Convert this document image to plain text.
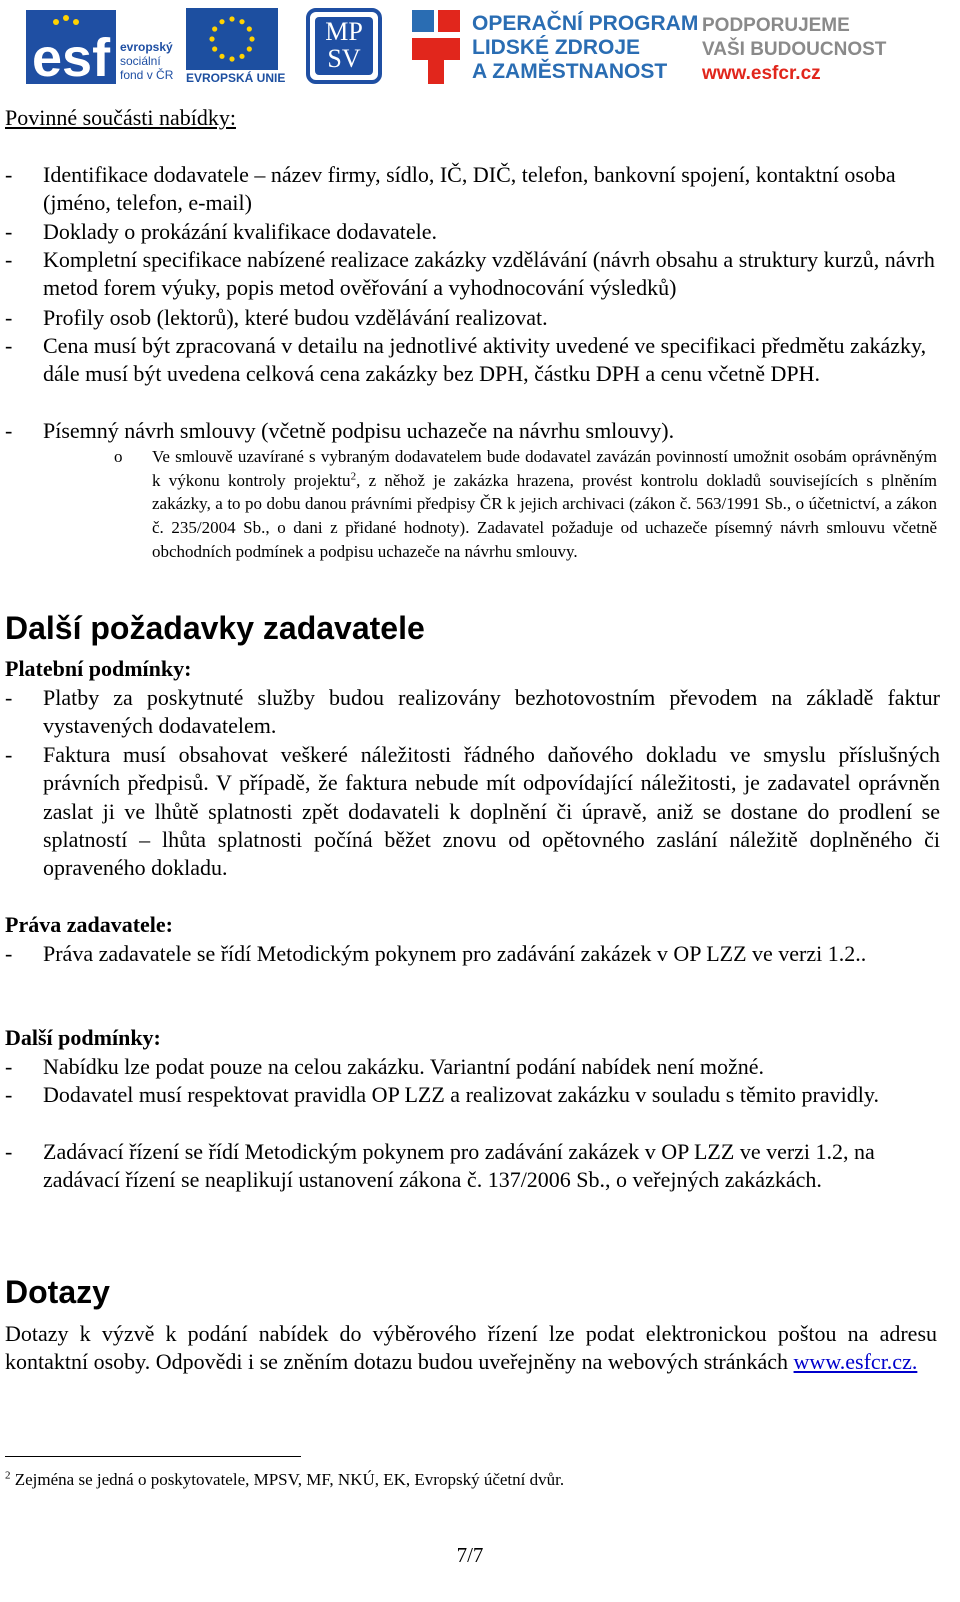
esf evropský
sociální
fond v ČR EVROPSKÁ UNIE
MP
SV
OPERAČNÍ PROGRAM
LIDSKÉ ZDROJE
A ZAMĚSTNANOST
PODPORUJEME
VAŠI BUDOUCNOST
www.esfcr.cz
Povinné součásti nabídky:
- Identifikace dodavatele – název firmy, sídlo, IČ, DIČ, telefon, bankovní spojení, kontaktní osoba (jméno, telefon, e-mail)
- Doklady o prokázání kvalifikace dodavatele.
- Kompletní specifikace nabízené realizace zakázky vzdělávání (návrh obsahu a struktury kurzů, návrh metod forem výuky, popis metod ověřování a vyhodnocování výsledků)
- Profily osob (lektorů), které budou vzdělávání realizovat.
- Cena musí být zpracovaná v detailu na jednotlivé aktivity uvedené ve specifikaci předmětu zakázky, dále musí být uvedena celková cena zakázky bez DPH, částku DPH a cenu včetně DPH.
- Písemný návrh smlouvy (včetně podpisu uchazeče na návrhu smlouvy).
o Ve smlouvě uzavírané s vybraným dodavatelem bude dodavatel zavázán povinností umožnit osobám oprávněným k výkonu kontroly projektu$^2$, z něhož je zakázka hrazena, provést kontrolu dokladů souvisejících s plněním zakázky, a to po dobu danou právními předpisy ČR k jejich archivaci (zákon č. 563/1991 Sb., o účetnictví, a zákon č. 235/2004 Sb., o dani z přidané hodnoty). Zadavatel požaduje od uchazeče písemný návrh smlouvu včetně obchodních podmínek a podpisu uchazeče na návrhu smlouvy.
Další požadavky zadavatele
Platební podmínky:
- Platby za poskytnuté služby budou realizovány bezhotovostním převodem na základě faktur vystavených dodavatelem.
- Faktura musí obsahovat veškeré náležitosti řádného daňového dokladu ve smyslu příslušných právních předpisů. V případě, že faktura nebude mít odpovídající náležitosti, je zadavatel oprávněn zaslat ji ve lhůtě splatnosti zpět dodavateli k doplnění či úpravě, aniž se dostane do prodlení se splatností – lhůta splatnosti počíná běžet znovu od opětovného zaslání náležitě doplněného či opraveného dokladu.
Práva zadavatele:
- Práva zadavatele se řídí Metodickým pokynem pro zadávání zakázek v OP LZZ ve verzi 1.2..
Další podmínky:
- Nabídku lze podat pouze na celou zakázku. Variantní podání nabídek není možné.
- Dodavatel musí respektovat pravidla OP LZZ a realizovat zakázku v souladu s těmito pravidly.
- Zadávací řízení se řídí Metodickým pokynem pro zadávání zakázek v OP LZZ ve verzi 1.2, na zadávací řízení se neaplikují ustanovení zákona č. 137/2006 Sb., o veřejných zakázkách.
Dotazy
Dotazy k výzvě k podání nabídek do výběrového řízení lze podat elektronickou poštou na adresu kontaktní osoby. Odpovědi i se zněním dotazu budou uveřejněny na webových stránkách www.esfcr.cz.
$^2$ Zejména se jedná o poskytovatele, MPSV, MF, NKÚ, EK, Evropský účetní dvůr.
7/7
